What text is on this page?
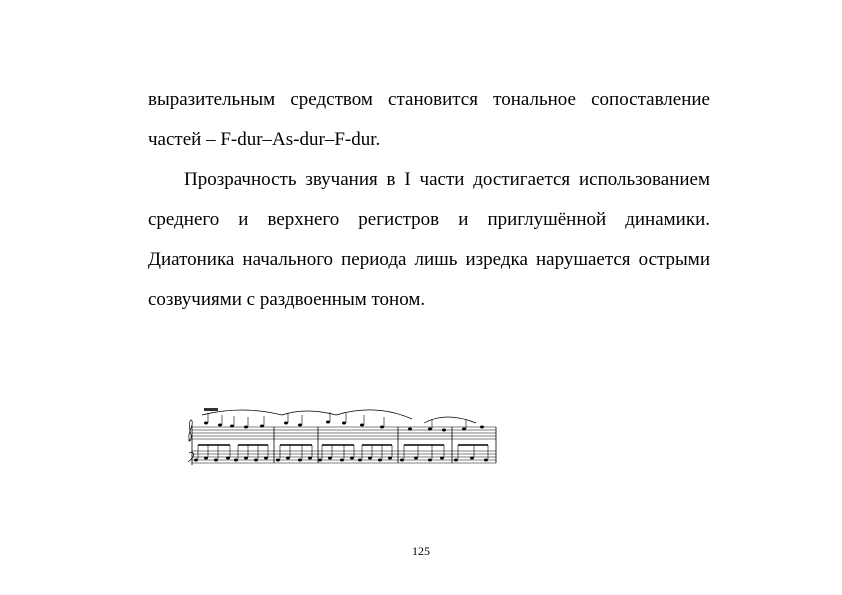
выразительным средством становится тональное сопоставление частей – F-dur–As-dur–F-dur.

Прозрачность звучания в I части достигается использованием среднего и верхнего регистров и приглушённой динамики. Диатоника начального периода лишь изредка нарушается острыми созвучиями с раздвоенным тоном.

125
